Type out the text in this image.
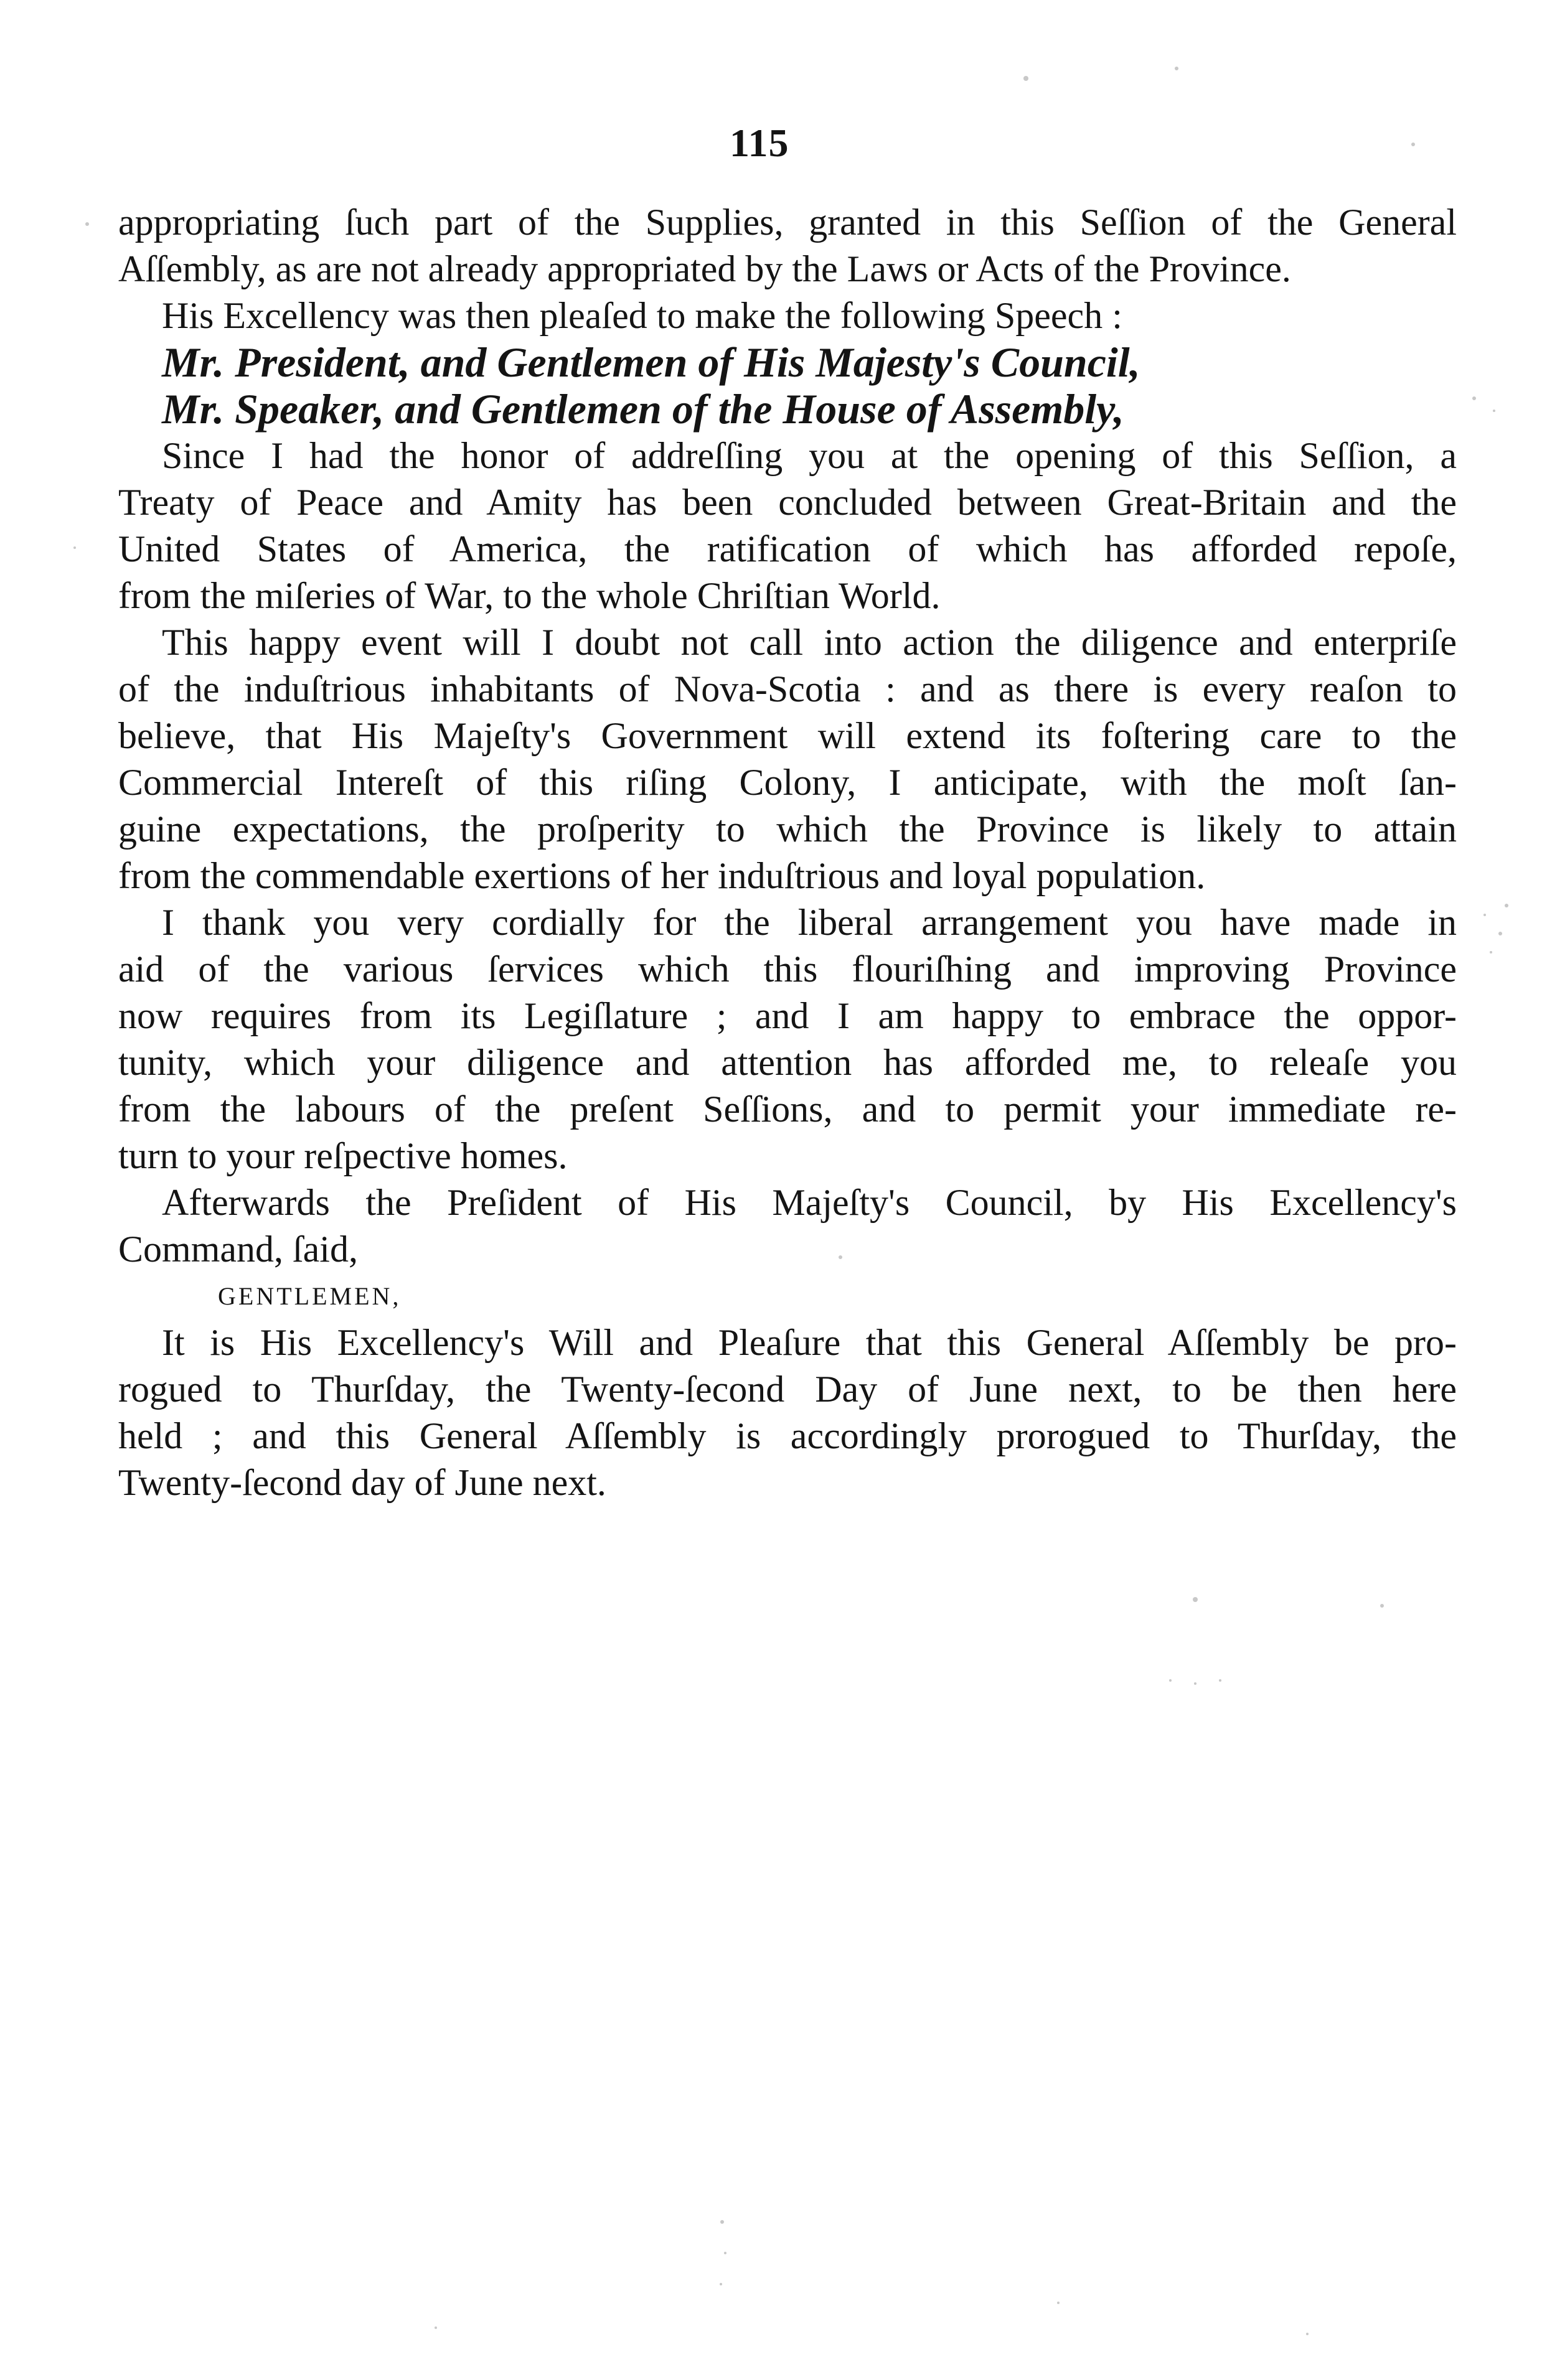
115
appropriating ſuch part of the Supplies, granted in this Seſſion of the General
Aſſembly, as are not already appropriated by the Laws or Acts of the Province.
His Excellency was then pleaſed to make the following Speech :
Mr. President, and Gentlemen of His Majesty's Council,
Mr. Speaker, and Gentlemen of the House of Assembly,
Since I had the honor of addreſſing you at the opening of this Seſſion, a
Treaty of Peace and Amity has been concluded between Great-Britain and the
United States of America, the ratification of which has afforded repoſe,
from the miſeries of War, to the whole Chriſtian World.
This happy event will I doubt not call into action the diligence and enterpriſe
of the induſtrious inhabitants of Nova-Scotia : and as there is every reaſon to
believe, that His Majeſty's Government will extend its foſtering care to the
Commercial Intereſt of this riſing Colony, I anticipate, with the moſt ſan-
guine expectations, the proſperity to which the Province is likely to attain
from the commendable exertions of her induſtrious and loyal population.
I thank you very cordially for the liberal arrangement you have made in
aid of the various ſervices which this flouriſhing and improving Province
now requires from its Legiſlature ; and I am happy to embrace the oppor-
tunity, which your diligence and attention has afforded me, to releaſe you
from the labours of the preſent Seſſions, and to permit your immediate re-
turn to your reſpective homes.
Afterwards the Preſident of His Majeſty's Council, by His Excellency's
Command, ſaid,
GENTLEMEN,
It is His Excellency's Will and Pleaſure that this General Aſſembly be pro-
rogued to Thurſday, the Twenty-ſecond Day of June next, to be then here
held ; and this General Aſſembly is accordingly prorogued to Thurſday, the
Twenty-ſecond day of June next.
